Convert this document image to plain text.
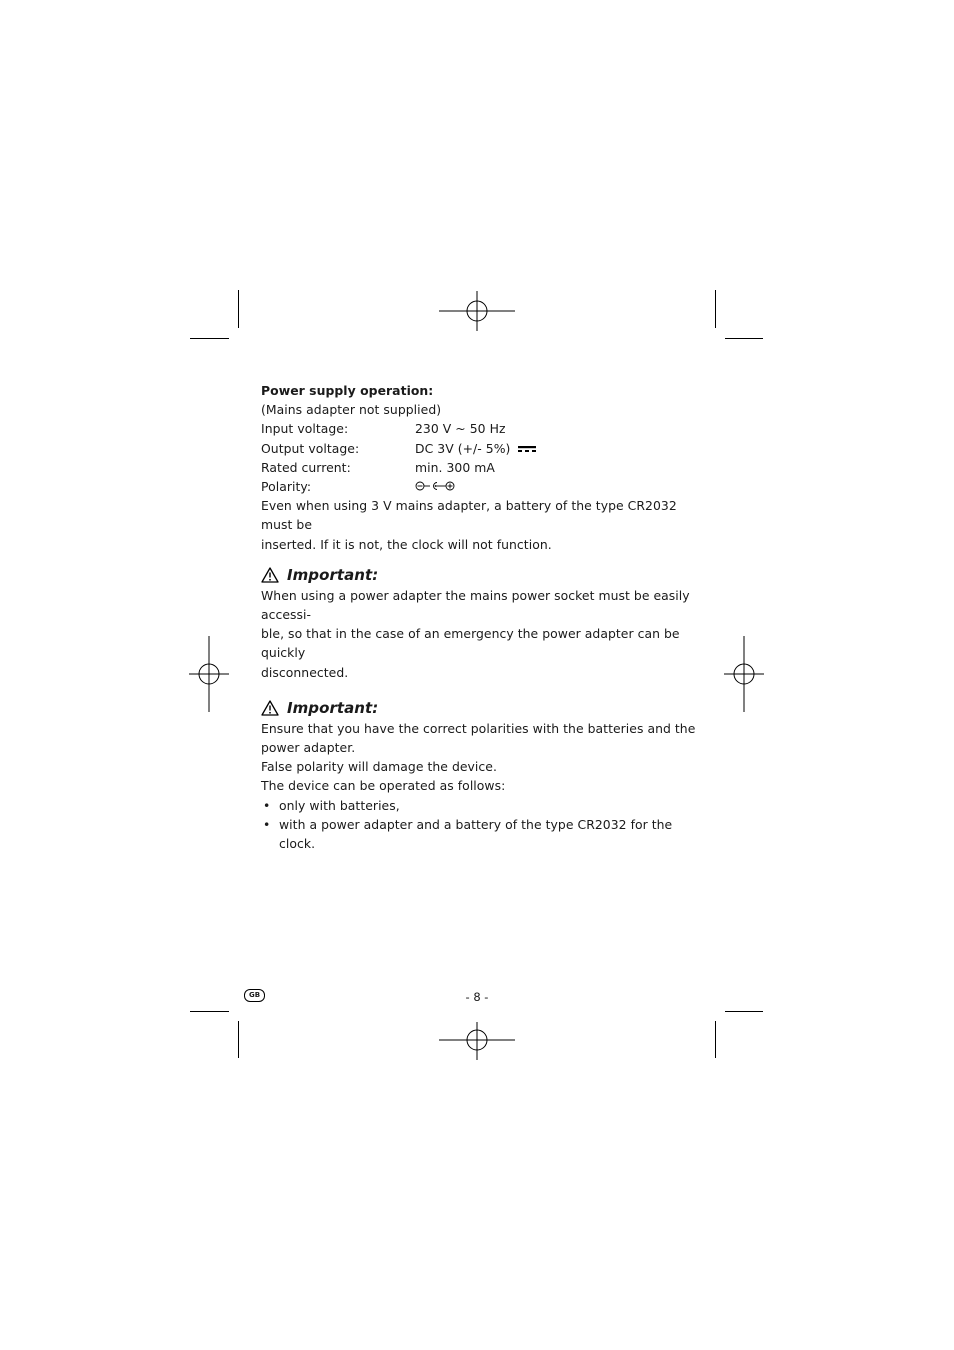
Power supply operation:

(Mains adapter not supplied)

Input voltage:	230 V ~ 50 Hz
Output voltage:	DC 3V (+/- 5%)
Rated current:	min. 300 mA
Polarity:

Even when using 3 V mains adapter, a battery of the type CR2032 must be

inserted. If it is not, the clock will not function.

Important:

When using a power adapter the mains power socket must be easily accessi-

ble, so that in the case of an emergency the power adapter can be quickly

disconnected.

Important:

Ensure that you have the correct polarities with the batteries and the

power adapter.

False polarity will damage the device.

The device can be operated as follows:

• only with batteries,

• with a power adapter and a battery of the type CR2032 for the clock.

GB	- 8 -
